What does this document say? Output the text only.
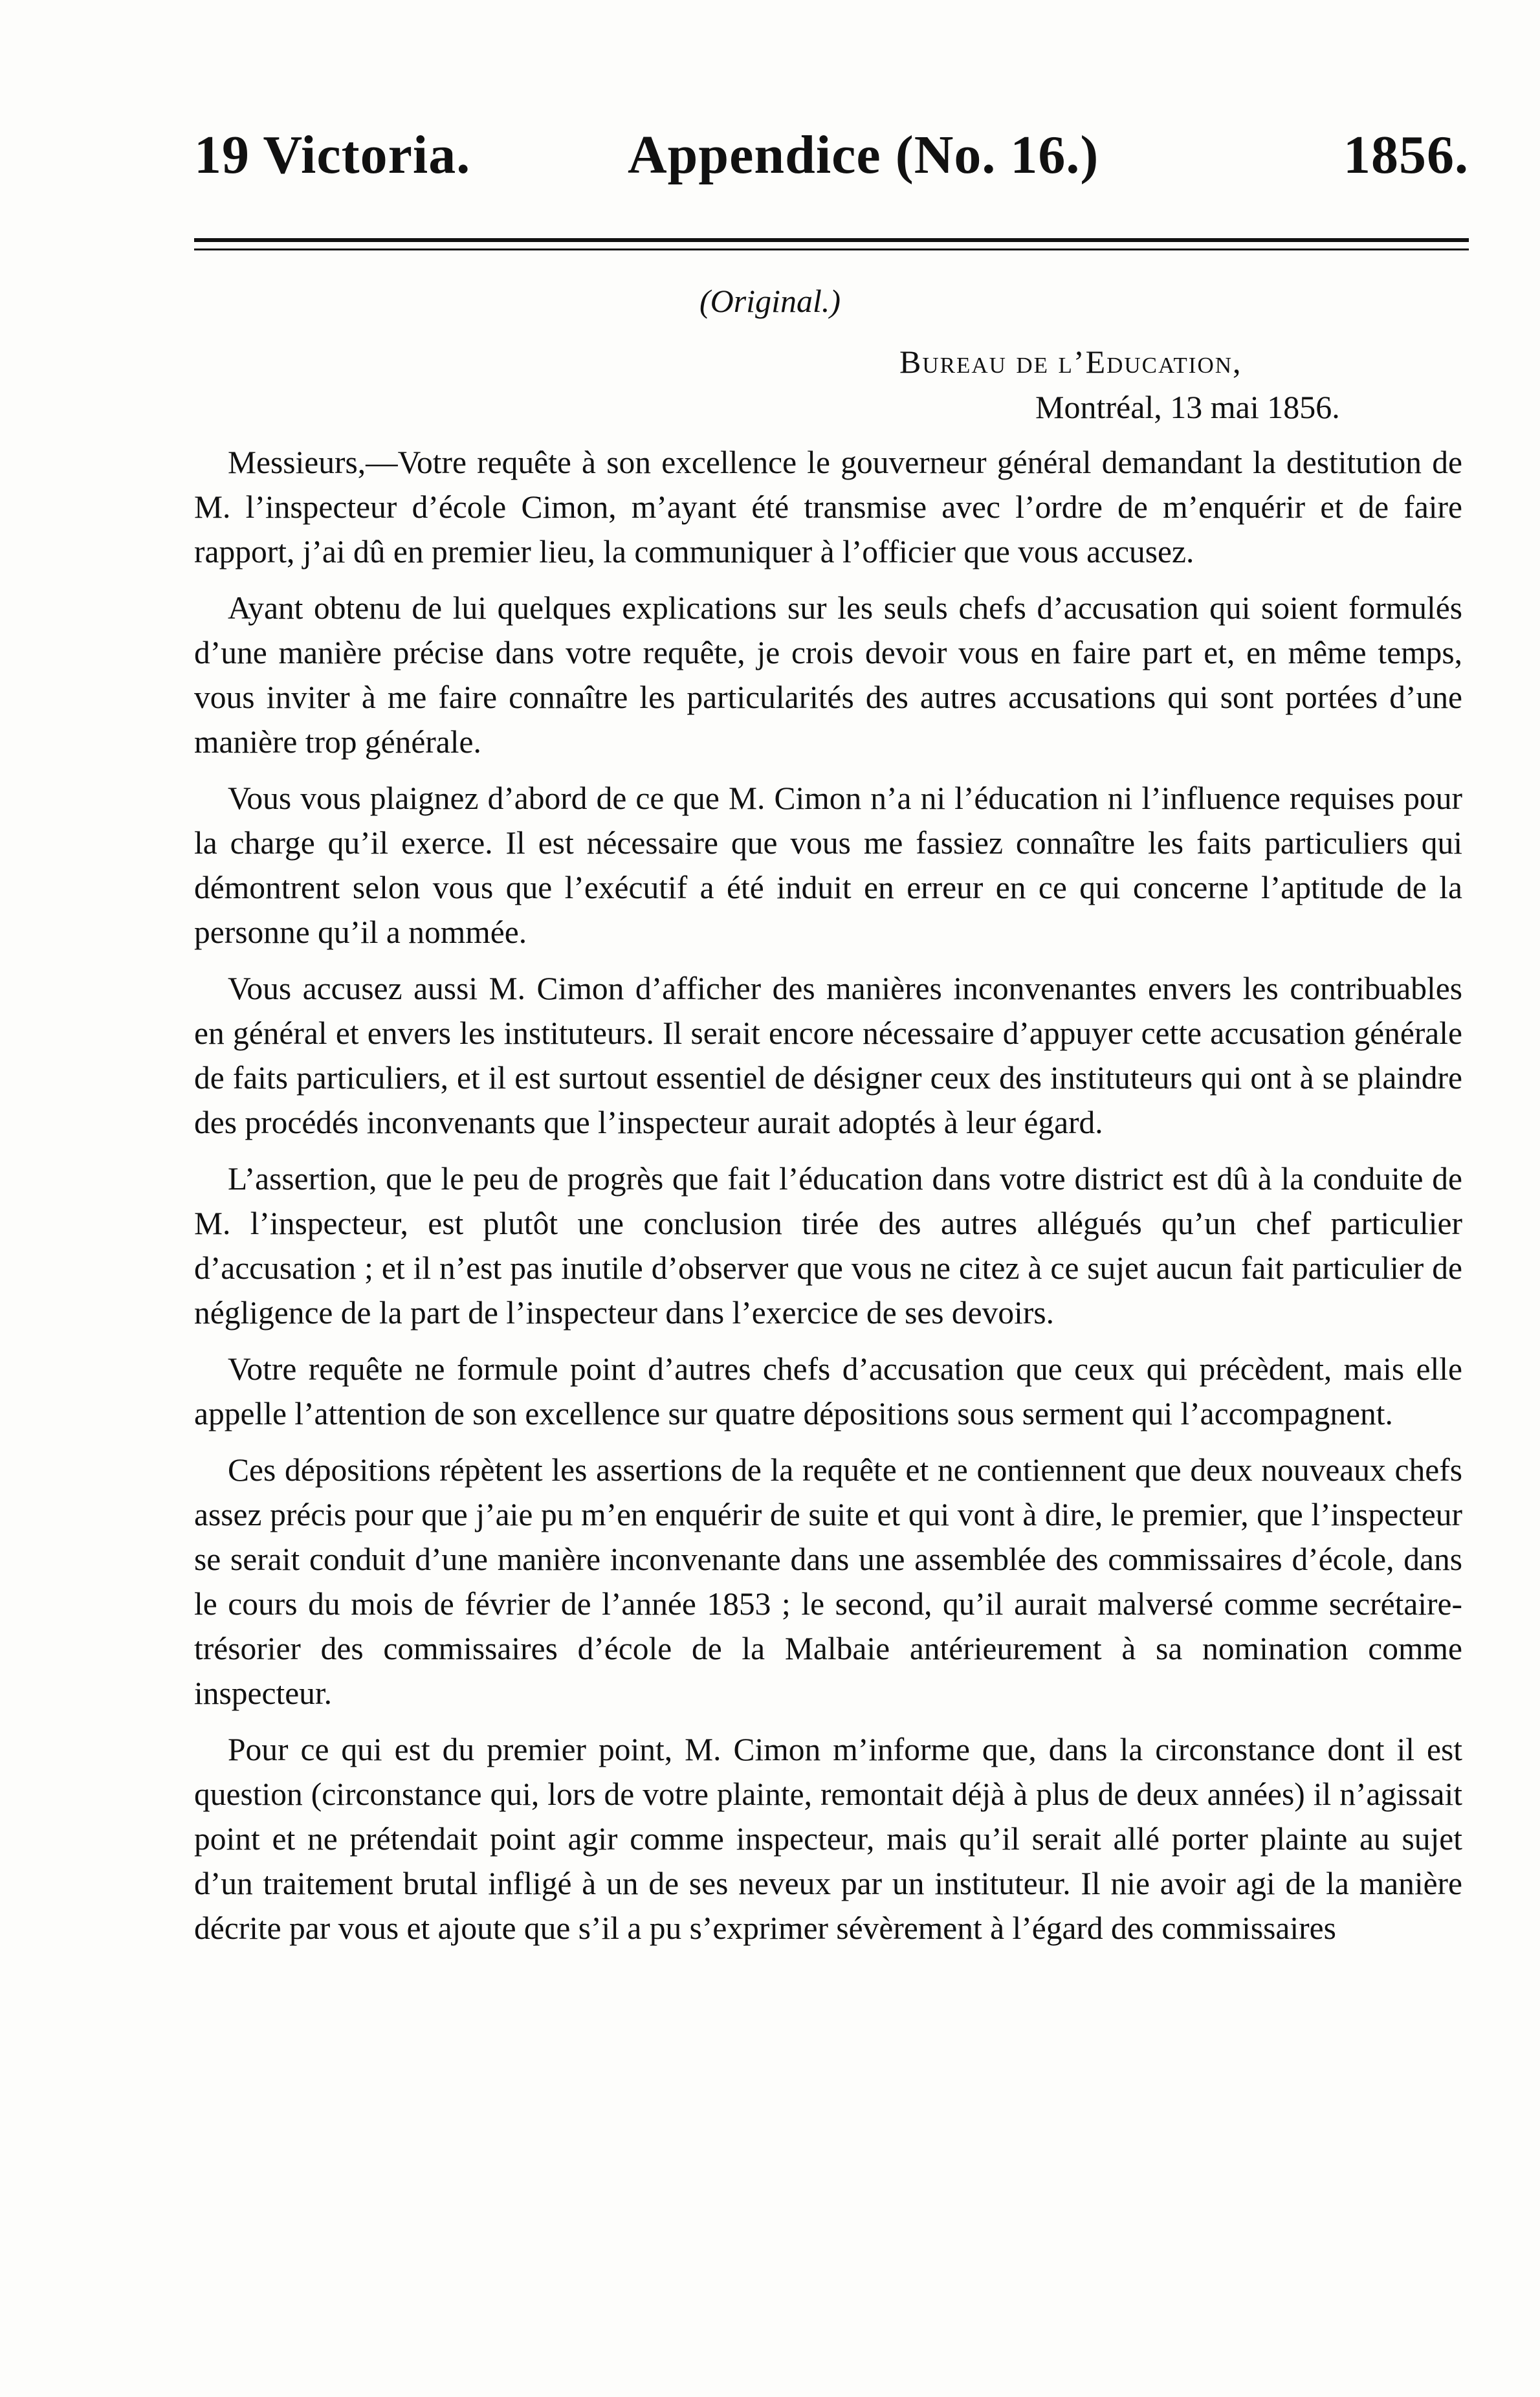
19 Victoria.	Appendice (No. 16.)	1856.
(Original.)
Bureau de l’Education,
Montréal, 13 mai 1856.

Messieurs,—Votre requête à son excellence le gouverneur général demandant la destitution de M. l’inspecteur d’école Cimon, m’ayant été transmise avec l’ordre de m’enquérir et de faire rapport, j’ai dû en premier lieu, la communiquer à l’officier que vous accusez.

Ayant obtenu de lui quelques explications sur les seuls chefs d’accusation qui soient formulés d’une manière précise dans votre requête, je crois devoir vous en faire part et, en même temps, vous inviter à me faire connaître les particularités des autres accusations qui sont portées d’une manière trop générale.

Vous vous plaignez d’abord de ce que M. Cimon n’a ni l’éducation ni l’influence requises pour la charge qu’il exerce. Il est nécessaire que vous me fassiez connaître les faits particuliers qui démontrent selon vous que l’exécutif a été induit en erreur en ce qui concerne l’aptitude de la personne qu’il a nommée.

Vous accusez aussi M. Cimon d’afficher des manières inconvenantes envers les contribuables en général et envers les instituteurs. Il serait encore nécessaire d’appuyer cette accusation générale de faits particuliers, et il est surtout essentiel de désigner ceux des instituteurs qui ont à se plaindre des procédés inconvenants que l’inspecteur aurait adoptés à leur égard.

L’assertion, que le peu de progrès que fait l’éducation dans votre district est dû à la conduite de M. l’inspecteur, est plutôt une conclusion tirée des autres allégués qu’un chef particulier d’accusation ; et il n’est pas inutile d’observer que vous ne citez à ce sujet aucun fait particulier de négligence de la part de l’inspecteur dans l’exercice de ses devoirs.

Votre requête ne formule point d’autres chefs d’accusation que ceux qui précèdent, mais elle appelle l’attention de son excellence sur quatre dépositions sous serment qui l’accompagnent.

Ces dépositions répètent les assertions de la requête et ne contiennent que deux nouveaux chefs assez précis pour que j’aie pu m’en enquérir de suite et qui vont à dire, le premier, que l’inspecteur se serait conduit d’une manière inconvenante dans une assemblée des commissaires d’école, dans le cours du mois de février de l’année 1853 ; le second, qu’il aurait malversé comme secrétaire-trésorier des commissaires d’école de la Malbaie antérieurement à sa nomination comme inspecteur.

Pour ce qui est du premier point, M. Cimon m’informe que, dans la circonstance dont il est question (circonstance qui, lors de votre plainte, remontait déjà à plus de deux années) il n’agissait point et ne prétendait point agir comme inspecteur, mais qu’il serait allé porter plainte au sujet d’un traitement brutal infligé à un de ses neveux par un instituteur. Il nie avoir agi de la manière décrite par vous et ajoute que s’il a pu s’exprimer sévèrement à l’égard des commissaires
